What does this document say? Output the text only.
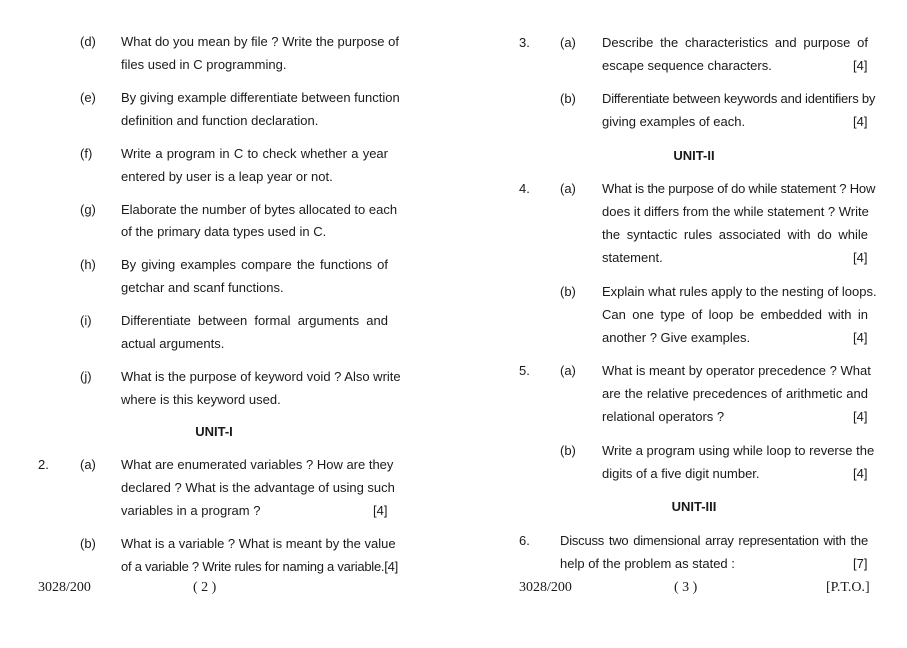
(d) What do you mean by file ? Write the purpose of
files used in C programming.
(e) By giving example differentiate between function
definition and function declaration.
(f) Write a program in C to check whether a year
entered by user is a leap year or not.
(g) Elaborate the number of bytes allocated to each
of the primary data types used in C.
(h) By giving examples compare the functions of
getchar and scanf functions.
(i) Differentiate between formal arguments and
actual arguments.
(j) What is the purpose of keyword void ? Also write
where is this keyword used.
UNIT-I
2. (a) What are enumerated variables ? How are they
declared ? What is the advantage of using such
variables in a program ?	[4]
(b) What is a variable ? What is meant by the value
of a variable ? Write rules for naming a variable.[4]
3028/200	( 2 )
3. (a) Describe the characteristics and purpose of
escape sequence characters.	[4]
(b) Differentiate between keywords and identifiers by
giving examples of each.	[4]
UNIT-II
4. (a) What is the purpose of do while statement ? How
does it differs from the while statement ? Write
the syntactic rules associated with do while
statement.	[4]
(b) Explain what rules apply to the nesting of loops.
Can one type of loop be embedded with in
another ? Give examples.	[4]
5. (a) What is meant by operator precedence ? What
are the relative precedences of arithmetic and
relational operators ?	[4]
(b) Write a program using while loop to reverse the
digits of a five digit number.	[4]
UNIT-III
6. Discuss two dimensional array representation with the
help of the problem as stated :	[7]
3028/200	( 3 )	[P.T.O.]
